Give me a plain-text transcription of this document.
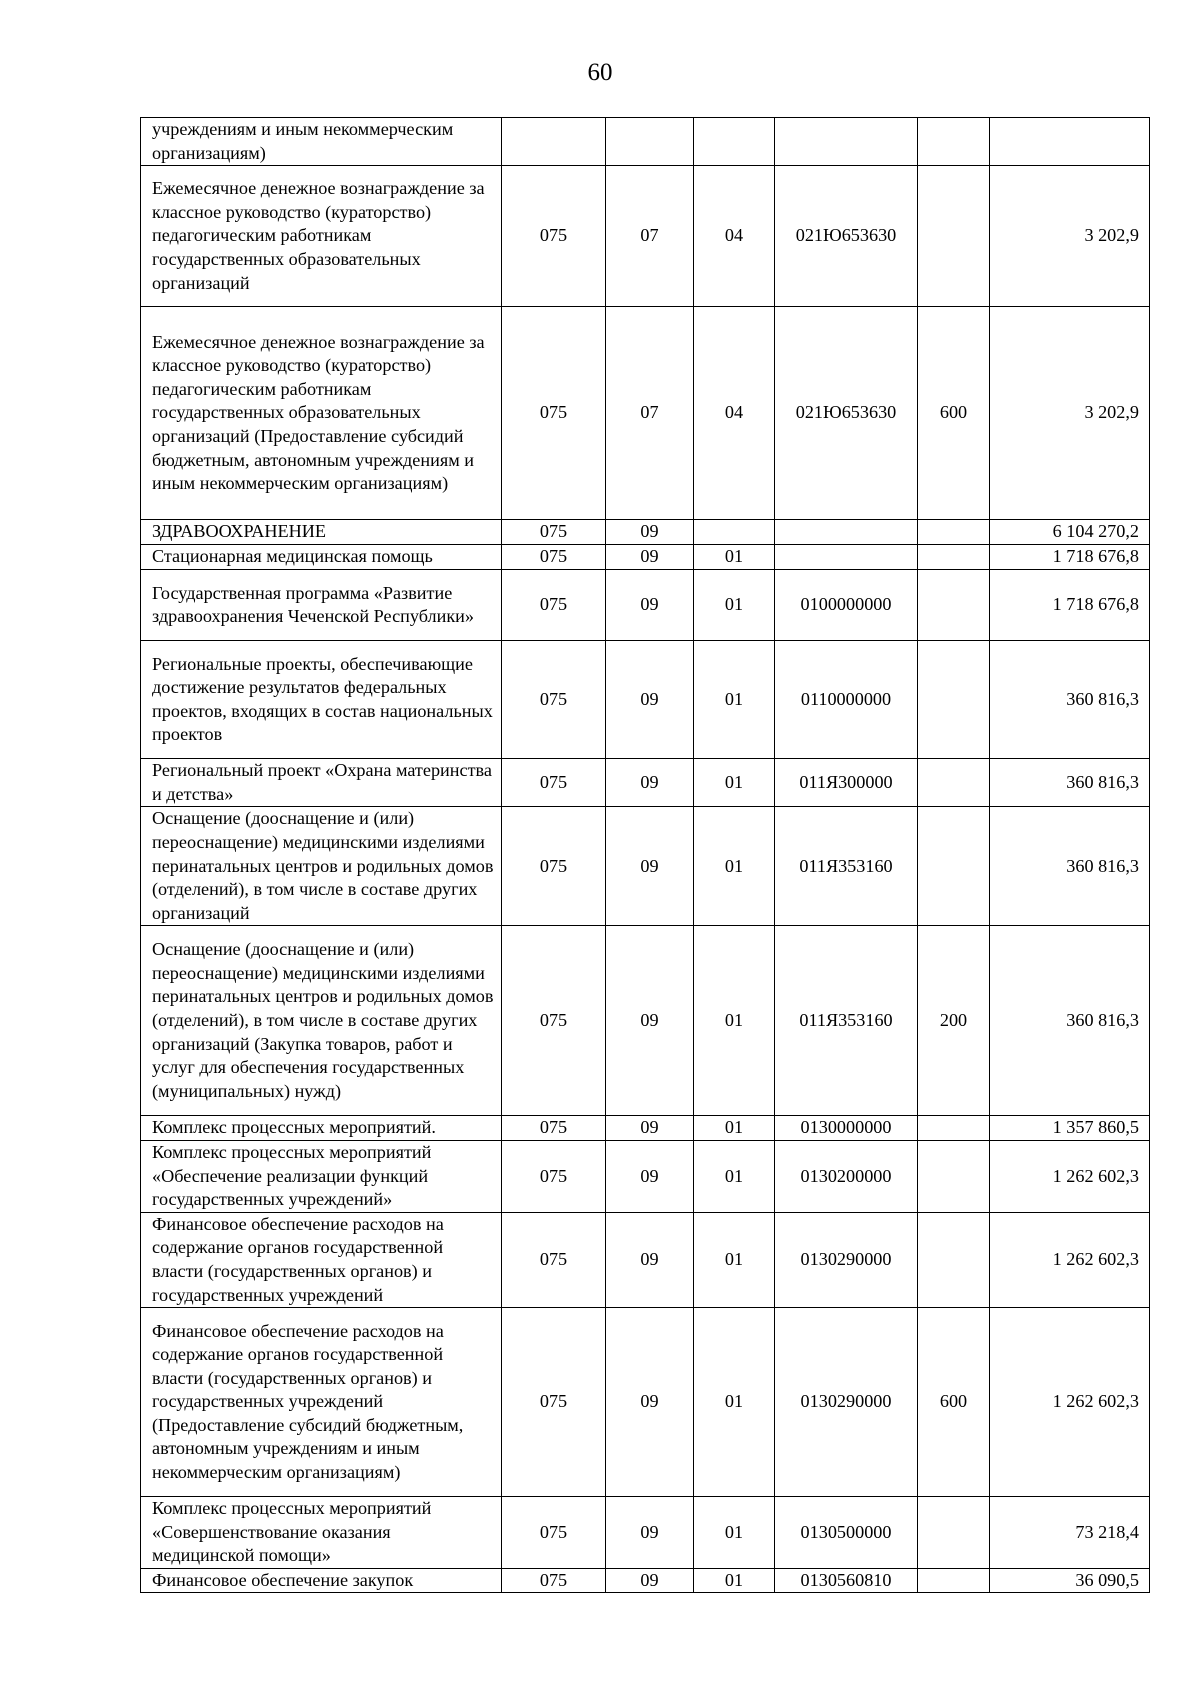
60
учреждениям и иным некоммерческим организациям)						
Ежемесячное денежное вознаграждение за классное руководство (кураторство) педагогическим работникам государственных образовательных организаций	075	07	04	021Ю653630		3 202,9
Ежемесячное денежное вознаграждение за классное руководство (кураторство) педагогическим работникам государственных образовательных организаций (Предоставление субсидий бюджетным, автономным учреждениям и иным некоммерческим организациям)	075	07	04	021Ю653630	600	3 202,9
ЗДРАВООХРАНЕНИЕ	075	09				6 104 270,2
Стационарная медицинская помощь	075	09	01			1 718 676,8
Государственная программа «Развитие здравоохранения Чеченской Республики»	075	09	01	0100000000		1 718 676,8
Региональные проекты, обеспечивающие достижение результатов федеральных проектов, входящих в состав национальных проектов	075	09	01	0110000000		360 816,3
Региональный проект «Охрана материнства и детства»	075	09	01	011Я300000		360 816,3
Оснащение (дооснащение и (или) переоснащение) медицинскими изделиями перинатальных центров и родильных домов (отделений), в том числе в составе других организаций	075	09	01	011Я353160		360 816,3
Оснащение (дооснащение и (или) переоснащение) медицинскими изделиями перинатальных центров и родильных домов (отделений), в том числе в составе других организаций (Закупка товаров, работ и услуг для обеспечения государственных (муниципальных) нужд)	075	09	01	011Я353160	200	360 816,3
Комплекс процессных мероприятий.	075	09	01	0130000000		1 357 860,5
Комплекс процессных мероприятий «Обеспечение реализации функций государственных учреждений»	075	09	01	0130200000		1 262 602,3
Финансовое обеспечение расходов на содержание органов государственной власти (государственных органов) и государственных учреждений	075	09	01	0130290000		1 262 602,3
Финансовое обеспечение расходов на содержание органов государственной власти (государственных органов) и государственных учреждений (Предоставление субсидий бюджетным, автономным учреждениям и иным некоммерческим организациям)	075	09	01	0130290000	600	1 262 602,3
Комплекс процессных мероприятий «Совершенствование оказания медицинской помощи»	075	09	01	0130500000		73 218,4
Финансовое обеспечение закупок	075	09	01	0130560810		36 090,5
